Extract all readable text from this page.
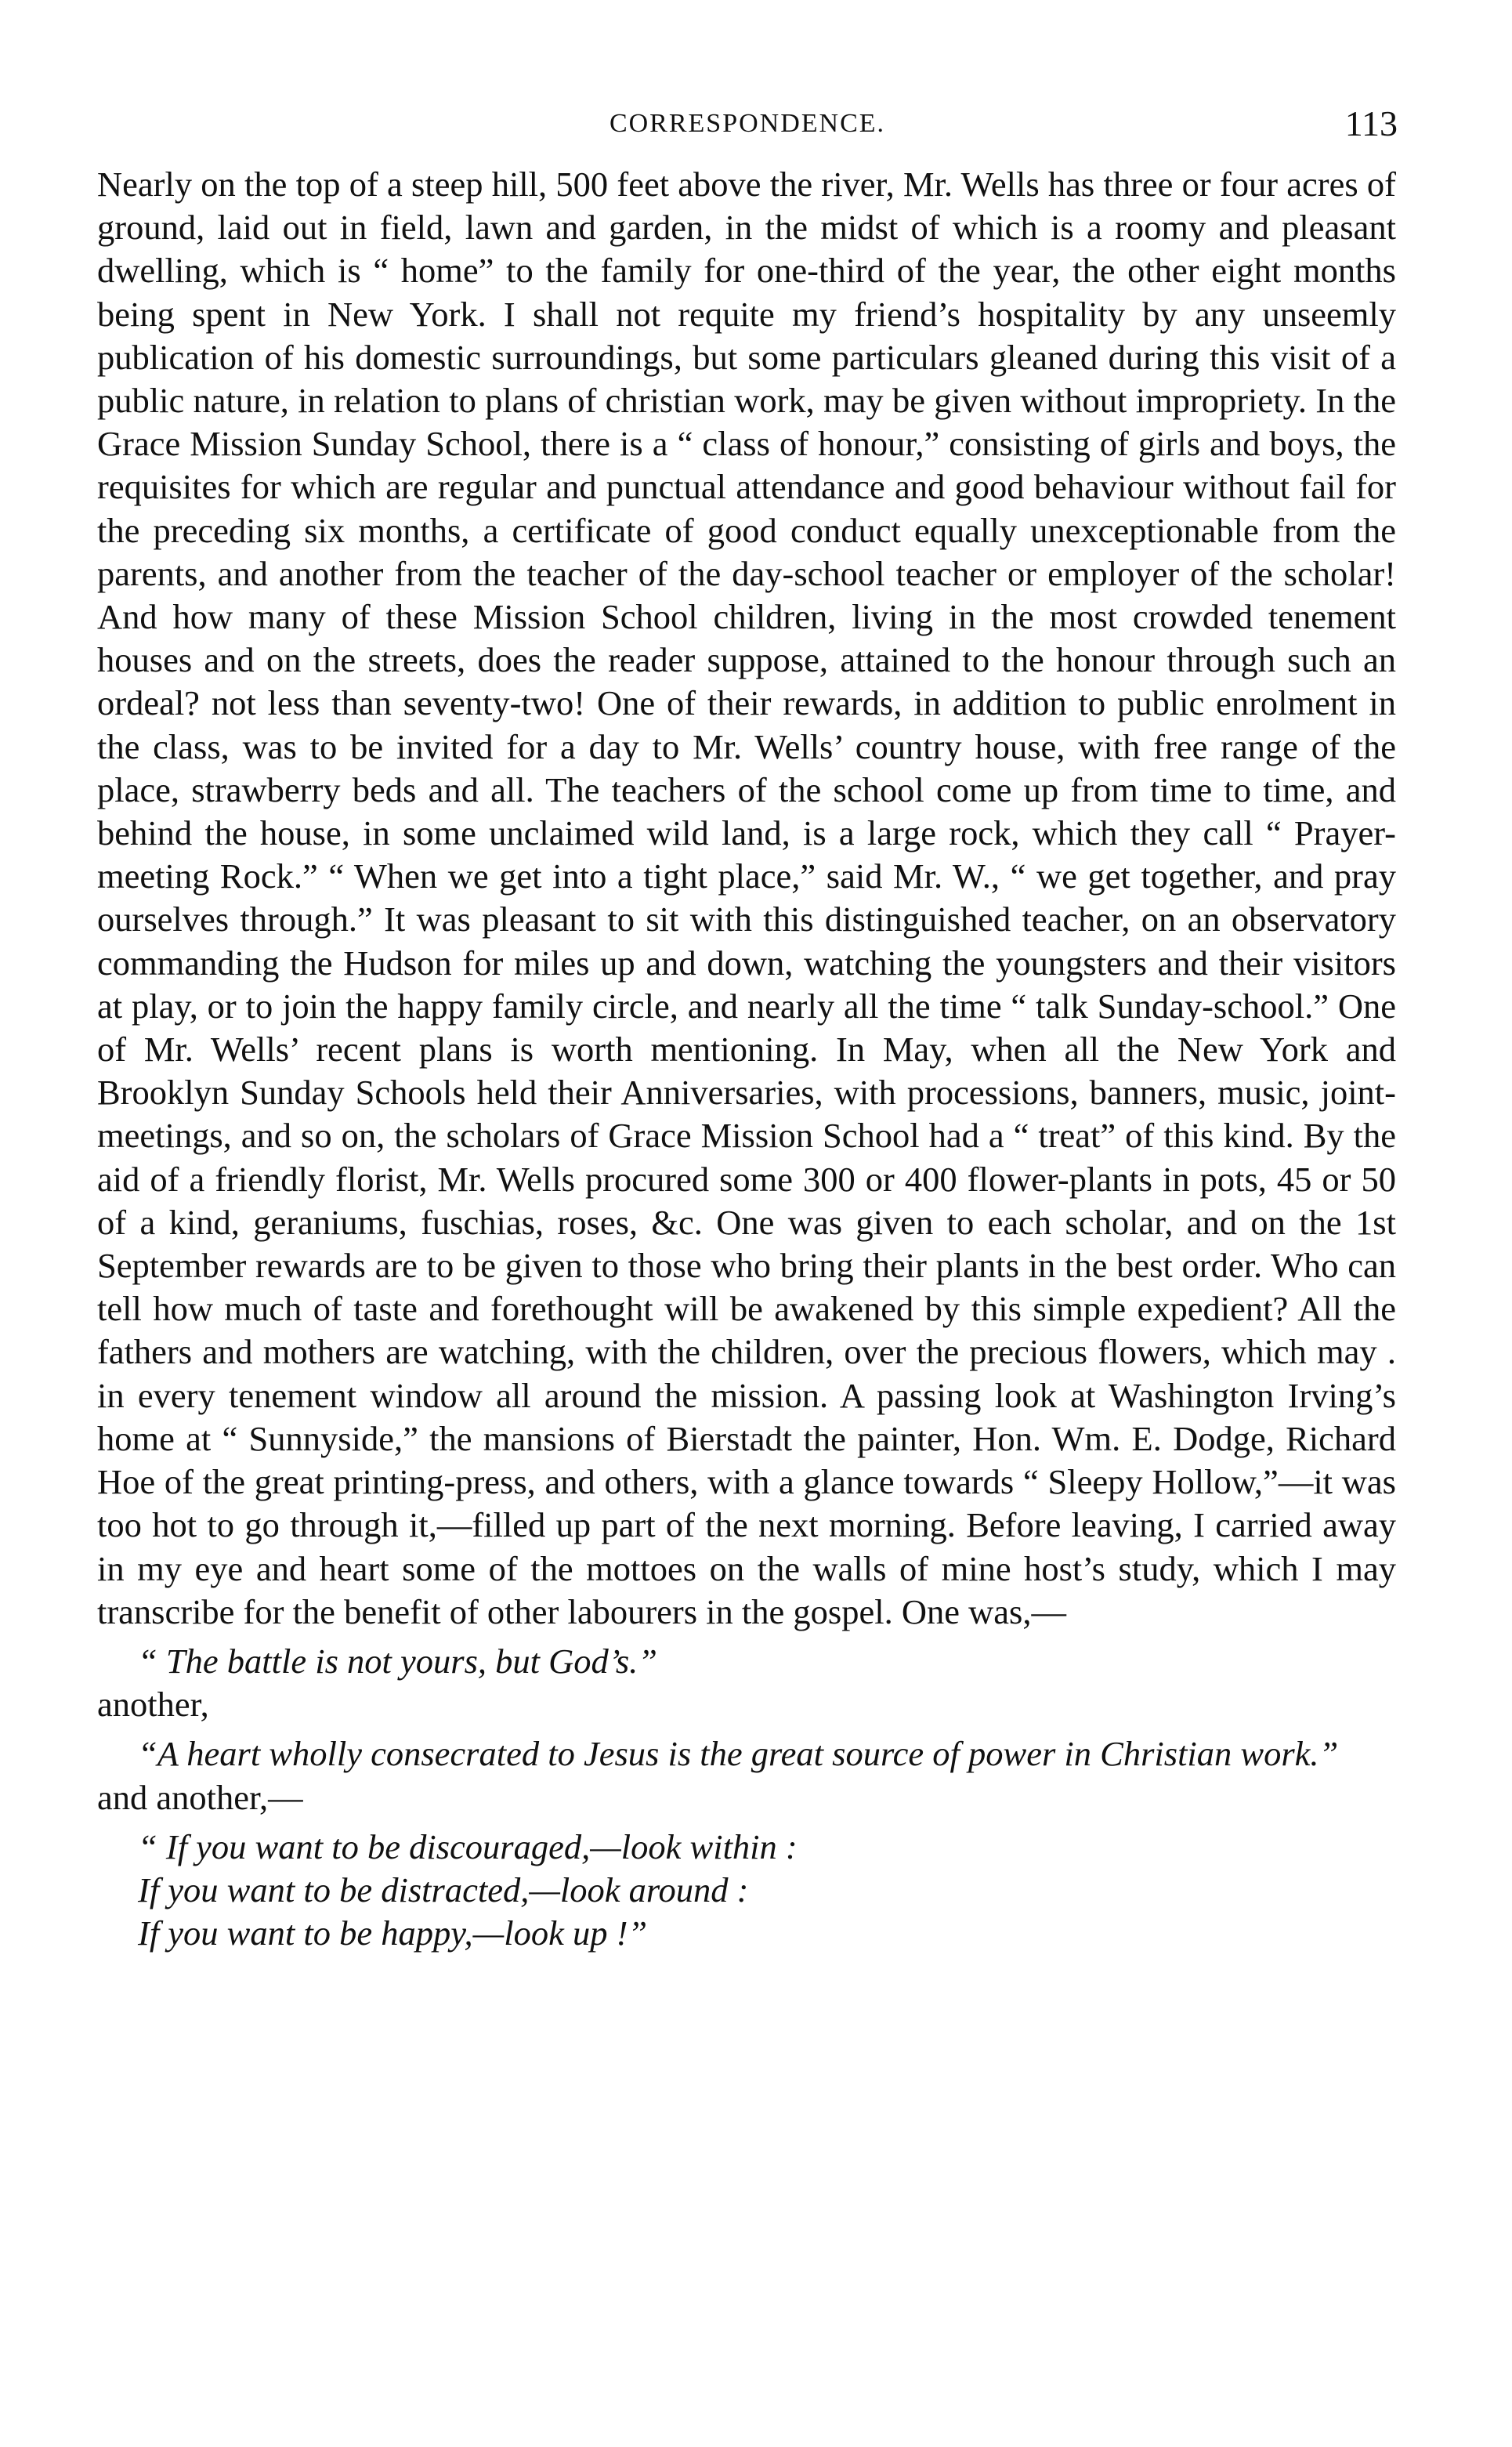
CORRESPONDENCE.	113

Nearly on the top of a steep hill, 500 feet above the river, Mr. Wells has three or four acres of ground, laid out in field, lawn and garden, in the midst of which is a roomy and pleasant dwelling, which is “ home” to the family for one-third of the year, the other eight months being spent in New York. I shall not requite my friend’s hospitality by any unseemly publication of his domestic surroundings, but some particulars gleaned during this visit of a public nature, in relation to plans of christian work, may be given without impropriety. In the Grace Mission Sunday School, there is a “ class of honour,” consisting of girls and boys, the requisites for which are regular and punctual attendance and good behaviour without fail for the preceding six months, a certificate of good conduct equally unexceptionable from the parents, and another from the teacher of the day-school teacher or employer of the scholar! And how many of these Mission School children, living in the most crowded tenement houses and on the streets, does the reader suppose, attained to the honour through such an ordeal? not less than seventy-two! One of their rewards, in addition to public enrolment in the class, was to be invited for a day to Mr. Wells’ country house, with free range of the place, strawberry beds and all. The teachers of the school come up from time to time, and behind the house, in some unclaimed wild land, is a large rock, which they call “ Prayer-meeting Rock.” “ When we get into a tight place,” said Mr. W., “ we get together, and pray ourselves through.” It was pleasant to sit with this distinguished teacher, on an observatory commanding the Hudson for miles up and down, watching the youngsters and their visitors at play, or to join the happy family circle, and nearly all the time “ talk Sunday-school.” One of Mr. Wells’ recent plans is worth mentioning. In May, when all the New York and Brooklyn Sunday Schools held their Anniversaries, with processions, banners, music, joint-meetings, and so on, the scholars of Grace Mission School had a “ treat” of this kind. By the aid of a friendly florist, Mr. Wells procured some 300 or 400 flower-plants in pots, 45 or 50 of a kind, geraniums, fuschias, roses, &c. One was given to each scholar, and on the 1st September rewards are to be given to those who bring their plants in the best order. Who can tell how much of taste and forethought will be awakened by this simple expedient? All the fathers and mothers are watching, with the children, over the precious flowers, which may . in every tenement window all around the mission. A passing look at Washington Irving’s home at “ Sunnyside,” the mansions of Bierstadt the painter, Hon. Wm. E. Dodge, Richard Hoe of the great printing-press, and others, with a glance towards “ Sleepy Hollow,”—it was too hot to go through it,—filled up part of the next morning. Before leaving, I carried away in my eye and heart some of the mottoes on the walls of mine host’s study, which I may transcribe for the benefit of other labourers in the gospel. One was,—

“ The battle is not yours, but God’s.”

another,

“A heart wholly consecrated to Jesus is the great source of power in Christian work.”

and another,—

“ If you want to be discouraged,—look within :

If you want to be distracted,—look around :

If you want to be happy,—look up !”
